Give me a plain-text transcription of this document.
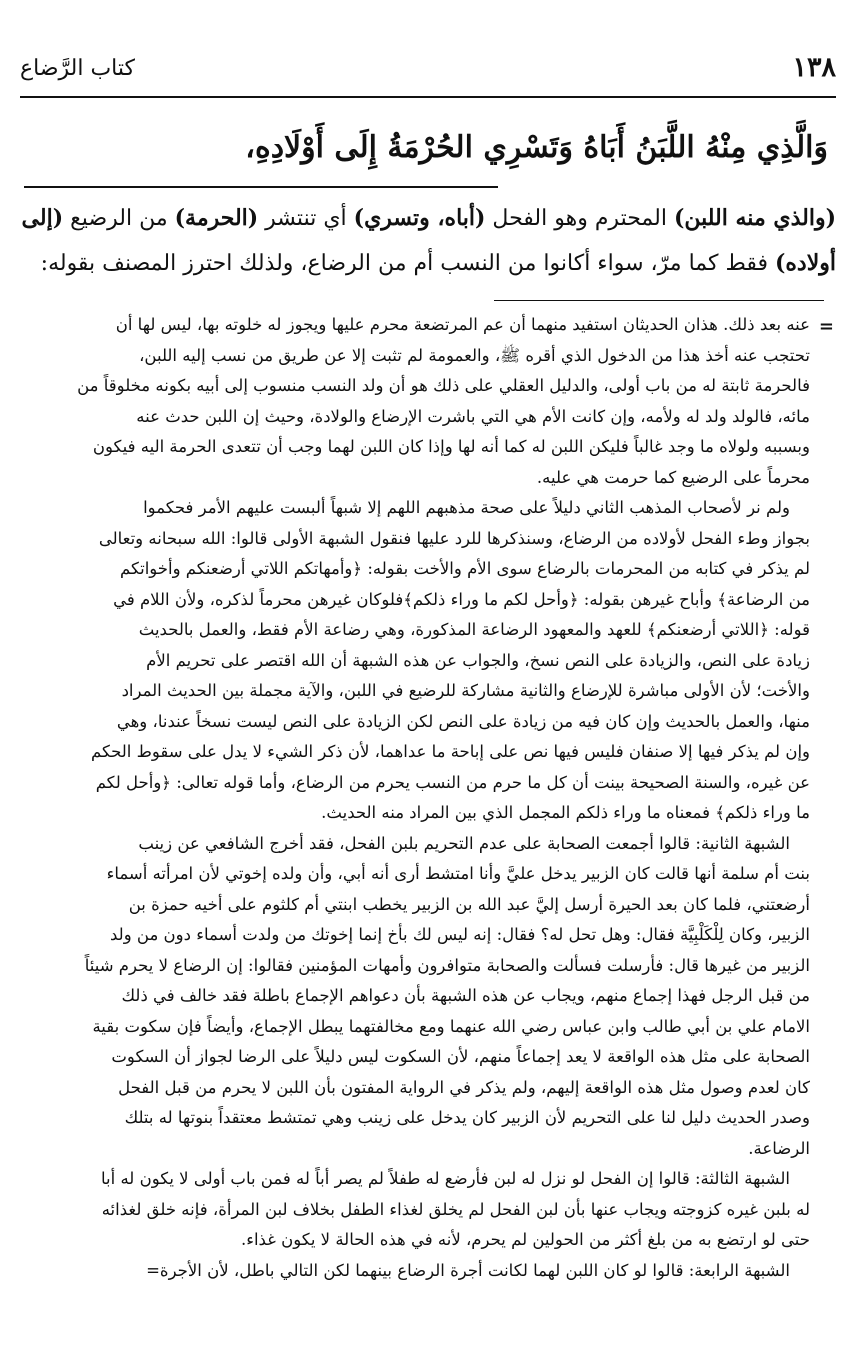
١٣٨
كتاب الرَّضاع
وَالَّذِي مِنْهُ اللَّبَنُ أَبَاهُ وَتَسْرِي الحُرْمَةُ إِلَى أَوْلَادِهِ،
(والذي منه اللبن) المحترم وهو الفحل (أباه، وتسري) أي تنتشر (الحرمة) من الرضيع (إلى
أولاده) فقط كما مرّ، سواء أكانوا من النسب أم من الرضاع، ولذلك احترز المصنف بقوله:
=
عنه بعد ذلك. هذان الحديثان استفيد منهما أن عم المرتضعة محرم عليها ويجوز له خلوته بها، ليس لها أن
تحتجب عنه أخذ هذا من الدخول الذي أقره ﷺ، والعمومة لم تثبت إلا عن طريق من نسب إليه اللبن،
فالحرمة ثابتة له من باب أولى، والدليل العقلي على ذلك هو أن ولد النسب منسوب إلى أبيه بكونه مخلوقاً من
مائه، فالولد ولد له ولأمه، وإن كانت الأم هي التي باشرت الإرضاع والولادة، وحيث إن اللبن حدث عنه
وبسببه ولولاه ما وجد غالباً فليكن اللبن له كما أنه لها وإذا كان اللبن لهما وجب أن تتعدى الحرمة اليه فيكون
محرماً على الرضيع كما حرمت هي عليه.
ولم نر لأصحاب المذهب الثاني دليلاً على صحة مذهبهم اللهم إلا شبهاً ألبست عليهم الأمر فحكموا
بجواز وطء الفحل لأولاده من الرضاع، وسنذكرها للرد عليها فنقول الشبهة الأولى قالوا: الله سبحانه وتعالى
لم يذكر في كتابه من المحرمات بالرضاع سوى الأم والأخت بقوله: ﴿وأمهاتكم اللاتي أرضعنكم وأخواتكم
من الرضاعة﴾ وأباح غيرهن بقوله: ﴿وأحل لكم ما وراء ذلكم﴾فلوكان غيرهن محرماً لذكره، ولأن اللام في
قوله: ﴿اللاتي أرضعنكم﴾ للعهد والمعهود الرضاعة المذكورة، وهي رضاعة الأم فقط، والعمل بالحديث
زيادة على النص، والزيادة على النص نسخ، والجواب عن هذه الشبهة أن الله اقتصر على تحريم الأم
والأخت؛ لأن الأولى مباشرة للإرضاع والثانية مشاركة للرضيع في اللبن، والآية مجملة بين الحديث المراد
منها، والعمل بالحديث وإن كان فيه من زيادة على النص لكن الزيادة على النص ليست نسخاً عندنا، وهي
وإن لم يذكر فيها إلا صنفان فليس فيها نص على إباحة ما عداهما، لأن ذكر الشيء لا يدل على سقوط الحكم
عن غيره، والسنة الصحيحة بينت أن كل ما حرم من النسب يحرم من الرضاع، وأما قوله تعالى: ﴿وأحل لكم
ما وراء ذلكم﴾ فمعناه ما وراء ذلكم المجمل الذي بين المراد منه الحديث.
الشبهة الثانية: قالوا أجمعت الصحابة على عدم التحريم بلبن الفحل، فقد أخرج الشافعي عن زينب
بنت أم سلمة أنها قالت كان الزبير يدخل عليَّ وأنا امتشط أرى أنه أبي، وأن ولده إخوتي لأن امرأته أسماء
أرضعتني، فلما كان بعد الحيرة أرسل إليَّ عبد الله بن الزبير يخطب ابنتي أم كلثوم على أخيه حمزة بن
الزبير، وكان لِلْكَلْبِيَّة فقال: وهل تحل له؟ فقال: إنه ليس لك بأخ إنما إخوتك من ولدت أسماء دون من ولد
الزبير من غيرها قال: فأرسلت فسألت والصحابة متوافرون وأمهات المؤمنين فقالوا: إن الرضاع لا يحرم شيئاً
من قبل الرجل فهذا إجماع منهم، ويجاب عن هذه الشبهة بأن دعواهم الإجماع باطلة فقد خالف في ذلك
الامام علي بن أبي طالب وابن عباس رضي الله عنهما ومع مخالفتهما يبطل الإجماع، وأيضاً فإن سكوت بقية
الصحابة على مثل هذه الواقعة لا يعد إجماعاً منهم، لأن السكوت ليس دليلاً على الرضا لجواز أن السكوت
كان لعدم وصول مثل هذه الواقعة إليهم، ولم يذكر في الرواية المفتون بأن اللبن لا يحرم من قبل الفحل
وصدر الحديث دليل لنا على التحريم لأن الزبير كان يدخل على زينب وهي تمتشط معتقداً بنوتها له بتلك
الرضاعة.
الشبهة الثالثة: قالوا إن الفحل لو نزل له لبن فأرضع له طفلاً لم يصر أباً له فمن باب أولى لا يكون له أبا
له بلبن غيره كزوجته ويجاب عنها بأن لبن الفحل لم يخلق لغذاء الطفل بخلاف لبن المرأة، فإنه خلق لغذائه
حتى لو ارتضع به من بلغ أكثر من الحولين لم يحرم، لأنه في هذه الحالة لا يكون غذاء.
الشبهة الرابعة: قالوا لو كان اللبن لهما لكانت أجرة الرضاع بينهما لكن التالي باطل، لأن الأجرة=
